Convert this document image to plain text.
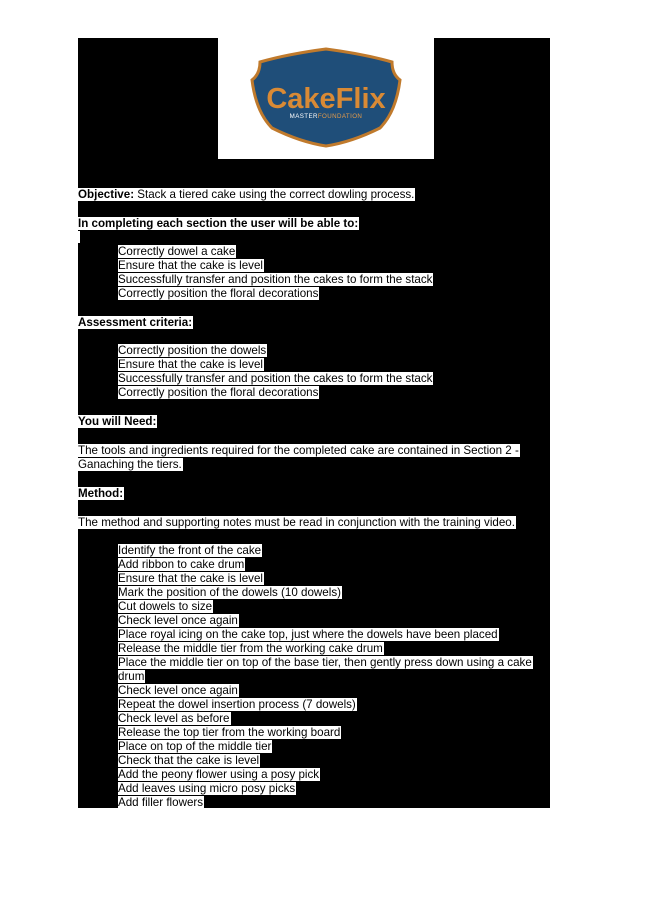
CakeFlix
MASTERFOUNDATION
Objective: Stack a tiered cake using the correct dowling process.
In completing each section the user will be able to:
Correctly dowel a cake
Ensure that the cake is level
Successfully transfer and position the cakes to form the stack
Correctly position the floral decorations
Assessment criteria:
Correctly position the dowels
Ensure that the cake is level
Successfully transfer and position the cakes to form the stack
Correctly position the floral decorations
You will Need:
The tools and ingredients required for the completed cake are contained in Section 2 -
Ganaching the tiers.
Method:
The method and supporting notes must be read in conjunction with the training video.
Identify the front of the cake
Add ribbon to cake drum
Ensure that the cake is level
Mark the position of the dowels (10 dowels)
Cut dowels to size
Check level once again
Place royal icing on the cake top, just where the dowels have been placed
Release the middle tier from the working cake drum
Place the middle tier on top of the base tier, then gently press down using a cake
drum
Check level once again
Repeat the dowel insertion process (7 dowels)
Check level as before
Release the top tier from the working board
Place on top of the middle tier
Check that the cake is level
Add the peony flower using a posy pick
Add leaves using micro posy picks
Add filler flowers
